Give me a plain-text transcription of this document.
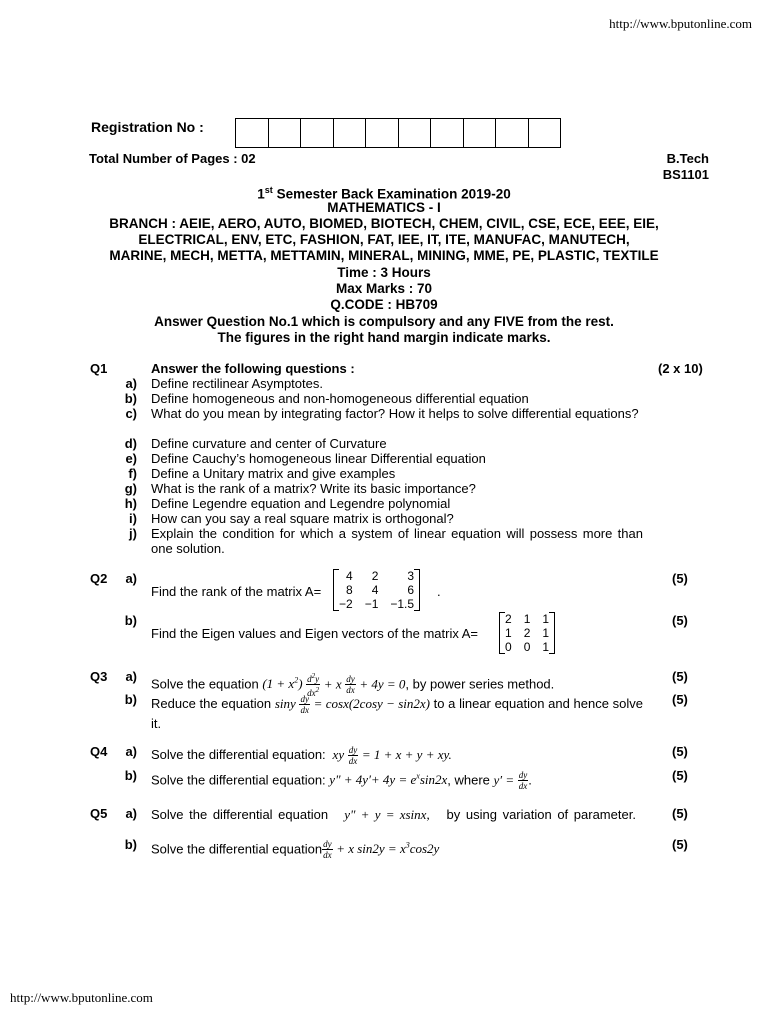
http://www.bputonline.com
Registration No :
Total Number of Pages : 02	B.Tech
BS1101
1st Semester Back Examination 2019-20
MATHEMATICS - I
BRANCH : AEIE, AERO, AUTO, BIOMED, BIOTECH, CHEM, CIVIL, CSE, ECE, EEE, EIE,
ELECTRICAL, ENV, ETC, FASHION, FAT, IEE, IT, ITE, MANUFAC, MANUTECH,
MARINE, MECH, METTA, METTAMIN, MINERAL, MINING, MME, PE, PLASTIC, TEXTILE
Time : 3 Hours
Max Marks : 70
Q.CODE : HB709
Answer Question No.1 which is compulsory and any FIVE from the rest.
The figures in the right hand margin indicate marks.
Q1	Answer the following questions :	(2 x 10)
a) Define rectilinear Asymptotes.
b) Define homogeneous and non-homogeneous differential equation
c) What do you mean by integrating factor? How it helps to solve differential equations?
d) Define curvature and center of Curvature
e) Define Cauchy’s homogeneous linear Differential equation
f) Define a Unitary matrix and give examples
g) What is the rank of a matrix? Write its basic importance?
h) Define Legendre equation and Legendre polynomial
i) How can you say a real square matrix is orthogonal?
j) Explain the condition for which a system of linear equation will possess more than one solution.
Q2	a)	(5)
Find the rank of the matrix A=
4	2	3
8	4	6
−2	−1	−1.5
.
b)	(5)
Find the Eigen values and Eigen vectors of the matrix A=
2	1	1
1	2	1
0	0	1
Q3	a)	(5)
Solve the equation $(1 + x^2) \frac{d^2y}{dx^2} + x \frac{dy}{dx} + 4y = 0$, by power series method.
b)	(5)
Reduce the equation siny $\frac{dy}{dx} = \cos x(2\cos y - \sin 2x)$ to a linear equation and hence solve it.
Q4	a)	(5)
Solve the differential equation:  xy $\frac{dy}{dx} = 1 + x + y$ + xy.
b)	(5)
Solve the differential equation: y" + $4y'+ 4y = e^x\sin 2x$, where $y' = \frac{dy}{dx}$ .
Q5	a)	(5)
Solve the differential equation   y" + y = xsinx, by using variation of parameter.
b)	(5)
Solve the differential equation $\frac{dy}{dx} + x$ $\sin 2y = x^3\cos 2y$
http://www.bputonline.com
